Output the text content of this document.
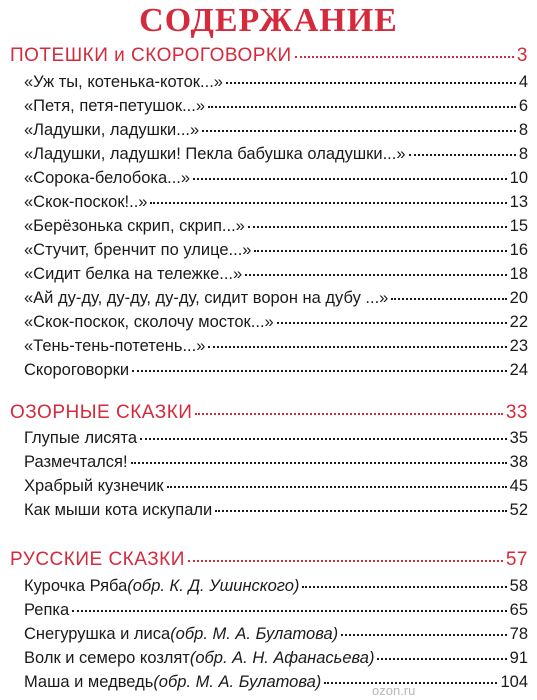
СОДЕРЖАНИЕ
ПОТЕШКИ и СКОРОГОВОРКИ	3
«Уж ты, котенька-коток...»	4
«Петя, петя-петушок...»	6
«Ладушки, ладушки...»	8
«Ладушки, ладушки! Пекла бабушка оладушки...»	8
«Сорока-белобока...»	10
«Скок-поскок!..»	13
«Берёзонька скрип, скрип...»	15
«Стучит, бренчит по улице...»	16
«Сидит белка на тележке...»	18
«Ай ду-ду, ду-ду, ду-ду, сидит ворон на дубу ...»	20
«Скок-поскок, сколочу мосток...»	22
«Тень-тень-потетень...»	23
Скороговорки	24
ОЗОРНЫЕ СКАЗКИ	33
Глупые лисята	35
Размечтался!	38
Храбрый кузнечик	45
Как мыши кота искупали	52
РУССКИЕ СКАЗКИ	57
Курочка Ряба (обр. К. Д. Ушинского)	58
Репка	65
Снегурушка и лиса (обр. М. А. Булатова)	78
Волк и семеро козлят (обр. А. Н. Афанасьева)	91
Маша и медведь (обр. М. А. Булатова)	104
ozon.ru
